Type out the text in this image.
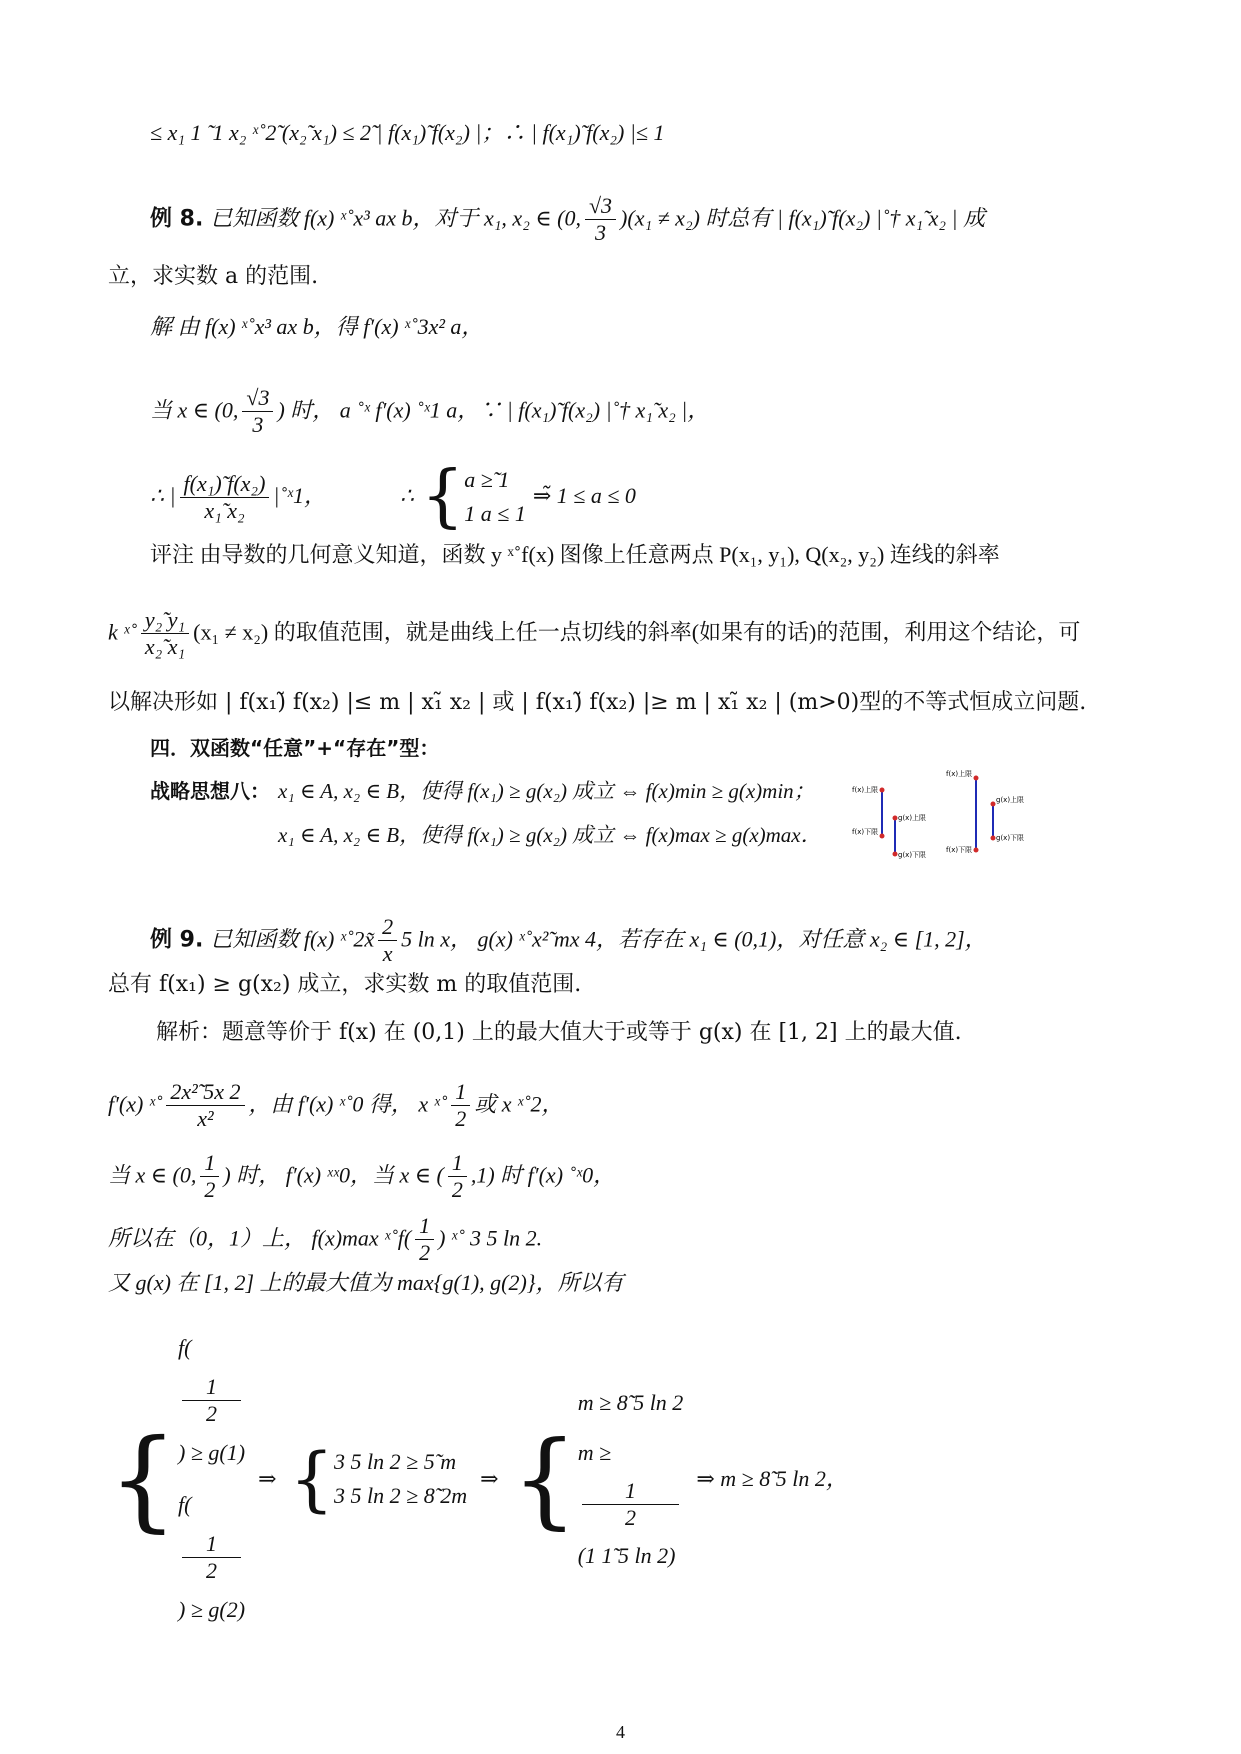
≤ x₁ 1 ̃ 1 x₂ ˣ˚2̃ (x₂̃ x₁) ≤ 2̃ | f(x₁)̃ f(x₂) |；∴ | f(x₁)̃ f(x₂) |≤ 1
例 8. 已知函数 f(x) ˣ˚x³ ax b，对于 x₁, x₂ ∈ (0, $\frac{√3}{3} )(x_1 \ne x_2)$ 时总有 | f(x₁)̃ f(x₂) |˚† x₁̃ x₂ | 成
立，求实数 a 的范围.
解 由 f(x) ˣ˚x³ ax b，得 f′(x) ˣ˚3x² a，
当 x ∈ (0, $\frac{√3}{3}$ ) 时， a ˚ˣ f′(x) ˚ˣ1 a，∵ | f(x₁)̃ f(x₂) |˚† x₁̃ x₂ |，
∴ | $\frac{\text{f(x₁)̃ f(x₂)}}{\text{x₁̃ x₂}}$ |˚ˣ1，	∴ { a ≥̃ 1
1 a ≤ 1
⇒̃ 1 ≤ a ≤ 0
评注 由导数的几何意义知道，函数 y ˣ˚f(x) 图像上任意两点 P(x₁, y₁), Q(x₂, y₂) 连线的斜率
k ˣ˚ $\frac{\text{y₂̃ y₁}}{\text{x₂̃ x₁}} (x_1 \ne x_2)$ 的取值范围，就是曲线上任一点切线的斜率(如果有的话)的范围，利用这个结论，可
以解决形如 | f(x₁)̃ f(x₂) |≤ m | x₁̃ x₂ | 或 | f(x₁)̃ f(x₂) |≥ m | x₁̃ x₂ | (m>0)型的不等式恒成立问题.
四．双函数“任意”+“存在”型：
战略思想八： x₁ ∈ A, x₂ ∈ B，使得 f(x₁) ≥ g(x₂) 成立 ⇔ f(x)min ≥ g(x)min；
x₁ ∈ A, x₂ ∈ B，使得 f(x₁) ≥ g(x₂) 成立 ⇔ f(x)max ≥ g(x)max．
f(x)上限
f(x)下限
g(x)上限
g(x)下限
f(x)上限
f(x)下限
g(x)上限
g(x)下限
例 9. 已知函数 f(x) ˣ˚2x̃ $\frac{2}{x} 5$ ln x， g(x) ˣ˚x²̃ mx 4，若存在 x₁ ∈ (0,1)，对任意 x₂ ∈ [1, 2]，
总有 f(x₁) ≥ g(x₂) 成立，求实数 m 的取值范围.
解析：题意等价于 f(x) 在 (0,1) 上的最大值大于或等于 g(x) 在 [1, 2] 上的最大值.
f′(x) ˣ˚ $\frac{\text{2x²̃ 5x 2}}{\text{x²}}$ ，由 f′(x) ˣ˚0 得， x ˣ˚ $\frac{1}{2}$ 或 x ˣ˚2，
当 x ∈ (0, $\frac{1}{2}$ ) 时， f′(x) ˣˣ0，当 x ∈ ( $\frac{1}{2} ,1$) 时 f′(x) ˚ˣ0，
所以在（0，1）上， f(x)max ˣ˚f( $\frac{1}{2}$ ) ˣ˚ 3 5 ln 2.
又 g(x) 在 [1, 2] 上的最大值为 max{g(1), g(2)}，所以有
{
f(
1
2
) ≥ g(1)
f(
1
2
) ≥ g(2)
⇒ { 3 5 ln 2 ≥ 5̃ m
3 5 ln 2 ≥ 8̃ 2m
⇒ {
m ≥ 8̃ 5 ln 2
m ≥
1
2
(1 1̃ 5 ln 2)
⇒ m ≥ 8̃ 5 ln 2，
4
